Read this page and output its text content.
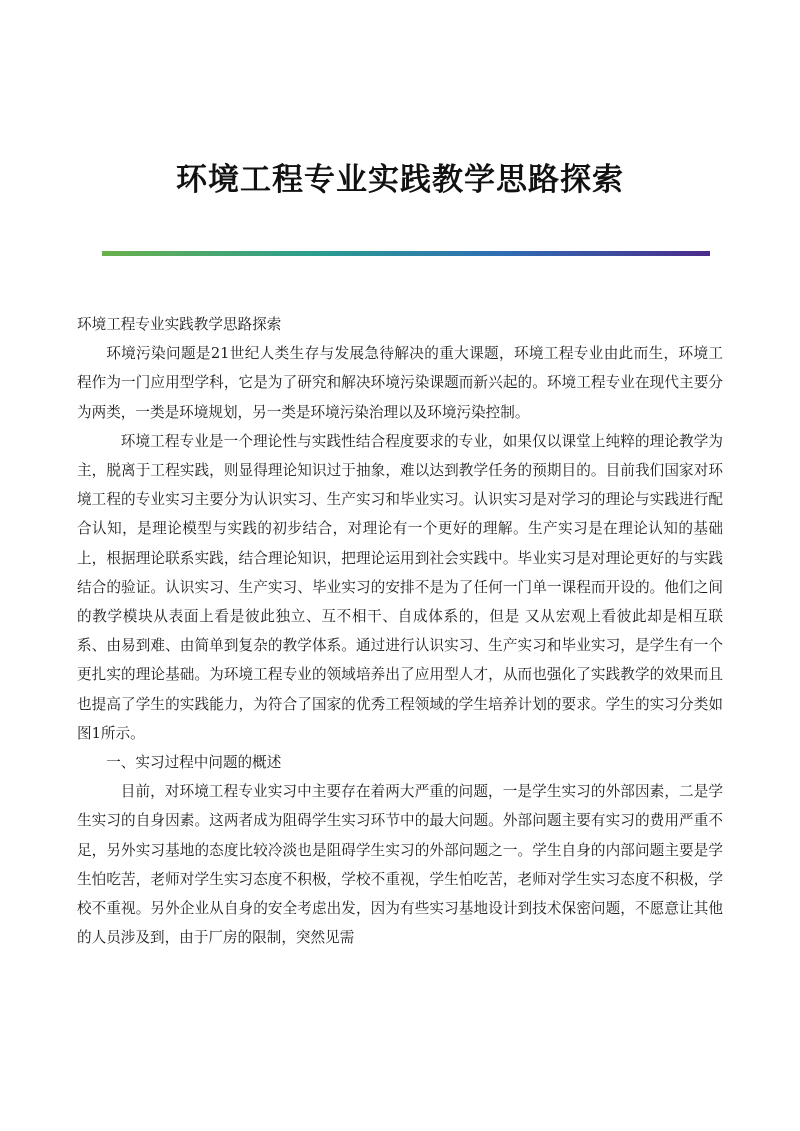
环境工程专业实践教学思路探索

环境工程专业实践教学思路探索

环境污染问题是21世纪人类生存与发展急待解决的重大课题，环境工程专业由此而生，环境工程作为一门应用型学科，它是为了研究和解决环境污染课题而新兴起的。环境工程专业在现代主要分为两类，一类是环境规划，另一类是环境污染治理以及环境污染控制。

环境工程专业是一个理论性与实践性结合程度要求的专业，如果仅以课堂上纯粹的理论教学为主，脱离于工程实践，则显得理论知识过于抽象，难以达到教学任务的预期目的。目前我们国家对环境工程的专业实习主要分为认识实习、生产实习和毕业实习。认识实习是对学习的理论与实践进行配合认知，是理论模型与实践的初步结合，对理论有一个更好的理解。生产实习是在理论认知的基础上，根据理论联系实践，结合理论知识，把理论运用到社会实践中。毕业实习是对理论更好的与实践结合的验证。认识实习、生产实习、毕业实习的安排不是为了任何一门单一课程而开设的。他们之间的教学模块从表面上看是彼此独立、互不相干、自成体系的，但是 又从宏观上看彼此却是相互联系、由易到难、由简单到复杂的教学体系。通过进行认识实习、生产实习和毕业实习，是学生有一个更扎实的理论基础。为环境工程专业的领域培养出了应用型人才，从而也强化了实践教学的效果而且也提高了学生的实践能力，为符合了国家的优秀工程领域的学生培养计划的要求。学生的实习分类如图1所示。

一、实习过程中问题的概述

目前，对环境工程专业实习中主要存在着两大严重的问题，一是学生实习的外部因素，二是学生实习的自身因素。这两者成为阻碍学生实习环节中的最大问题。外部问题主要有实习的费用严重不足，另外实习基地的态度比较冷淡也是阻碍学生实习的外部问题之一。学生自身的内部问题主要是学生怕吃苦，老师对学生实习态度不积极，学校不重视，学生怕吃苦，老师对学生实习态度不积极，学校不重视。另外企业从自身的安全考虑出发，因为有些实习基地设计到技术保密问题，不愿意让其他的人员涉及到，由于厂房的限制，突然见需
